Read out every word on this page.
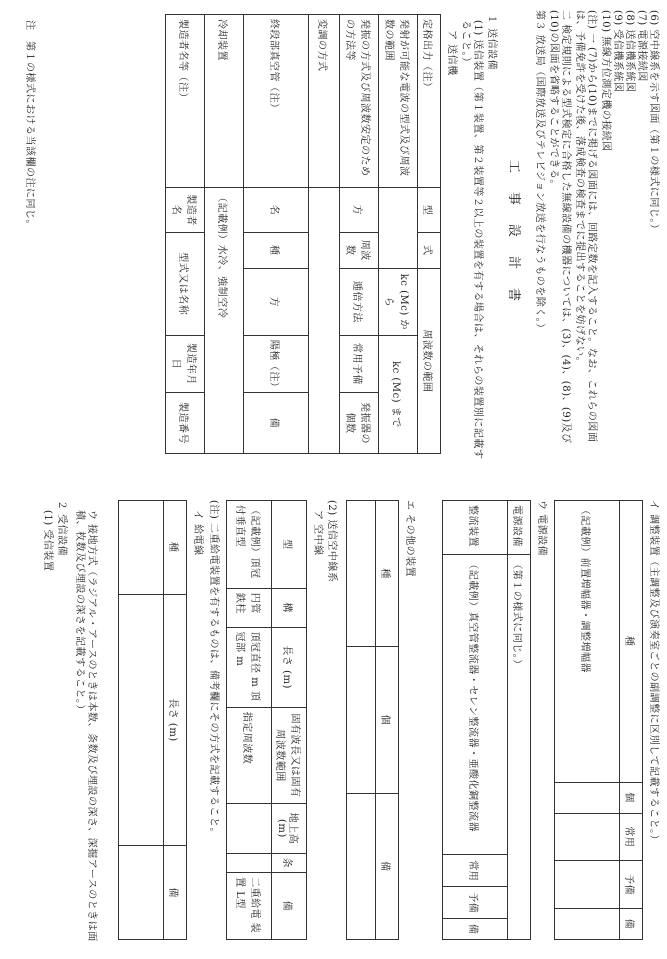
(6) 空中線系を示す図面（第１の様式に同じ。）
(7) 電源接続図
(8) 送信機系統図
(9) 受信機系統図
(10) 無線方位測定機の接続図
(注) 一 (7)から(10)までに掲げる図面には、回路定数を記入すること。なお、これらの図面は、予備免許を受けた後、落成検査の検査までに提出することを妨げない。
二 検定規則による型式検定に合格した無線設備の機器については、(3)、(4)、(8)、(9)及び(10)の図面を省略することができる。
第３ 放送局（国際放送及びテレビジョン放送を行なうものを除く。）
工　事　設　計　書
１ 送信設備
(1) 送信装置（第１装置、第２装置等２以上の装置を有する場合は、それらの装置別に記載すること。）
ア 送信機
定格出力（注）	型	式	周波数の範囲		
発射が可能な電波の型式及び周波数の範囲			kc (Mc) から	kc (Mc) まで	
発振の方式及び周波数安定のための方法等	方	周波数	逓倍方法	常用予備	発振器の個数
変調の方式					
終段部真空管（注）	名	種	方	陽極（注）	備
冷却装置	（記載例）水冷、強制空冷				
製造者名等（注）	製造者名	型式又は名称		製造年月日	製造番号
注　第１の様式における当該欄の注に同じ。
イ 調整装置（主調整及び演奏室ごとの副調整に区別して記載すること。）
種	個	常用	予備	備
（記載例）前置増幅器・調整増幅器				
ウ 電源設備
電源設備	（第１の様式に同じ。）			
整流装置	（記載例）真空管整流器・セレン整流器・亜酸化銅整流器	常用	予備	備
エ その他の装置
種	個	備

(2) 送信空中線系
ア 空中線
型	構	長さ (m)	固有波長又は固有周波数範囲	地上高 (m)	条	備
（記載例）頂冠付垂直型	円管鉄柱	頂冠直径 m 頂冠部 m	指定周波数			二重給電 装置 L型
(注) 二重給電装置を有するものは、備考欄にその方式を記載すること。
イ 給電線
種	長さ (m)	備

ウ 接地方式（ラジアル・アースのときは本数、条数及び埋設の深さ、深掘アースのときは面積、枚数及び埋設の深さを記載すること。）
２ 受信設備
(1) 受信装置
